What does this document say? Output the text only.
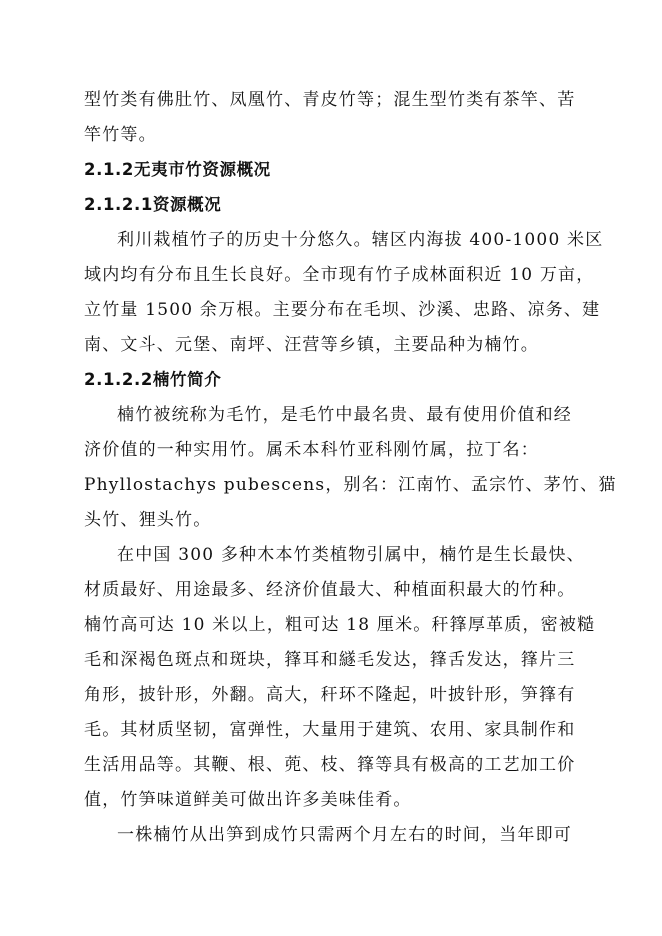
型竹类有佛肚竹、凤凰竹、青皮竹等；混生型竹类有茶竿、苦
竿竹等。
2.1.2无夷市竹资源概况
2.1.2.1资源概况
利川栽植竹子的历史十分悠久。辖区内海拔 400-1000 米区
域内均有分布且生长良好。全市现有竹子成林面积近 10 万亩，
立竹量 1500 余万根。主要分布在毛坝、沙溪、忠路、凉务、建
南、文斗、元堡、南坪、汪营等乡镇，主要品种为楠竹。
2.1.2.2楠竹简介
楠竹被统称为毛竹，是毛竹中最名贵、最有使用价值和经
济价值的一种实用竹。属禾本科竹亚科刚竹属，拉丁名：
Phyllostachys pubescens，别名：江南竹、孟宗竹、茅竹、猫
头竹、狸头竹。
在中国 300 多种木本竹类植物引属中，楠竹是生长最快、
材质最好、用途最多、经济价值最大、种植面积最大的竹种。
楠竹高可达 10 米以上，粗可达 18 厘米。秆箨厚革质，密被糙
毛和深褐色斑点和斑块，箨耳和繸毛发达，箨舌发达，箨片三
角形，披针形，外翻。高大，秆环不隆起，叶披针形，笋箨有
毛。其材质坚韧，富弹性，大量用于建筑、农用、家具制作和
生活用品等。其鞭、根、蔸、枝、箨等具有极高的工艺加工价
值，竹笋味道鲜美可做出许多美味佳肴。
一株楠竹从出笋到成竹只需两个月左右的时间，当年即可
